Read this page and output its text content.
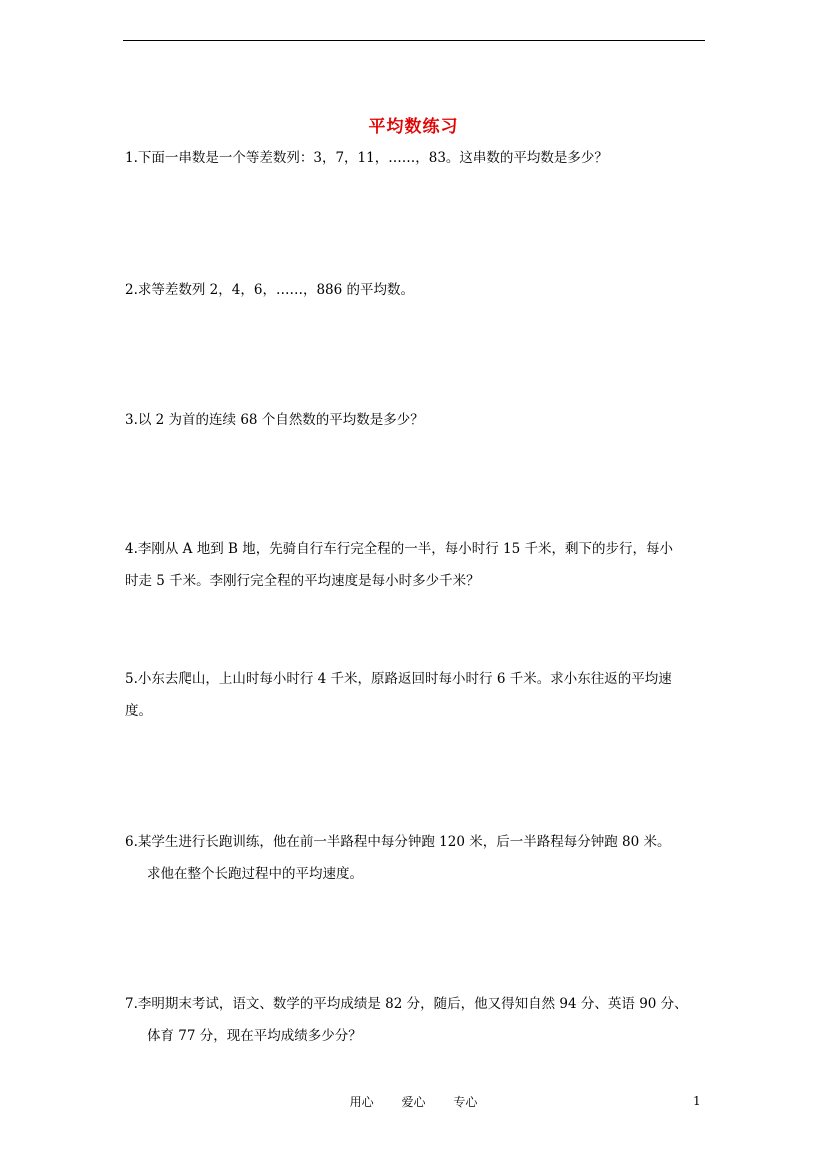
平均数练习
1.下面一串数是一个等差数列：3，7，11，……，83。这串数的平均数是多少？
2.求等差数列 2，4，6，……，886 的平均数。
3.以 2 为首的连续 68 个自然数的平均数是多少？
4.李刚从 A 地到 B 地，先骑自行车行完全程的一半，每小时行 15 千米，剩下的步行，每小
时走 5 千米。李刚行完全程的平均速度是每小时多少千米？
5.小东去爬山，上山时每小时行 4 千米，原路返回时每小时行 6 千米。求小东往返的平均速
度。
6.某学生进行长跑训练，他在前一半路程中每分钟跑 120 米，后一半路程每分钟跑 80 米。
求他在整个长跑过程中的平均速度。
7.李明期末考试，语文、数学的平均成绩是 82 分，随后，他又得知自然 94 分、英语 90 分、
体育 77 分，现在平均成绩多少分？
用心 爱心 专心	1
